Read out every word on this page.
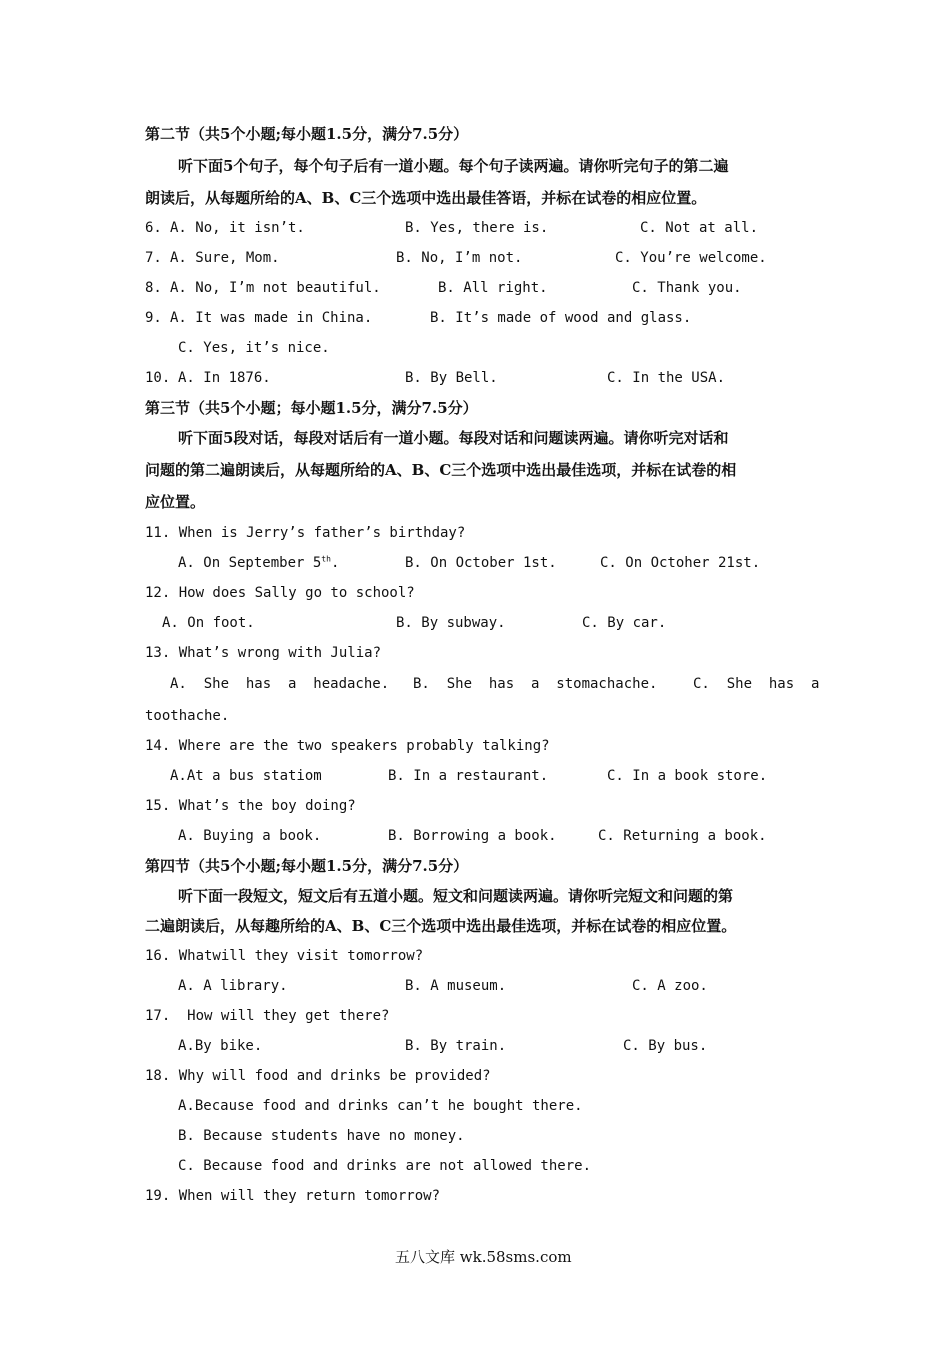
第二节（共5个小题;每小题1.5分，满分7.5分）
听下面5个句子，每个句子后有一道小题。每个句子读两遍。请你听完句子的第二遍
朗读后，从每题所给的A、B、C三个选项中选出最佳答语，并标在试卷的相应位置。
6. A. No, it isn’t.	B. Yes, there is.	C. Not at all.
7. A. Sure, Mom.	B. No, I’m not.	C. You’re welcome.
8. A. No, I’m not beautiful.	B. All right.	C. Thank you.
9. A. It was made in China.	B. It’s made of wood and glass.
C. Yes, it’s nice.
10. A. In 1876.	B. By Bell.	C. In the USA.
第三节（共5个小题；每小题1.5分，满分7.5分）
听下面5段对话，每段对话后有一道小题。每段对话和问题读两遍。请你听完对话和
问题的第二遍朗读后，从每题所给的A、B、C三个选项中选出最佳选项，并标在试卷的相
应位置。
11. When is Jerry’s father’s birthday?
A. On September 5th.	B. On October 1st.	C. On Octoher 21st.
12. How does Sally go to school?
A. On foot.	B. By subway.	C. By car.
13. What’s wrong with Julia?
A.  She  has  a  headache. B.  She  has  a  stomachache.	C.  She  has  a
toothache.
14. Where are the two speakers probably talking?
A.At a bus statiom	B. In a restaurant.	C. In a book store.
15. What’s the boy doing?
A. Buying a book.	B. Borrowing a book.	C. Returning a book.
第四节（共5个小题;每小题1.5分，满分7.5分）
听下面一段短文，短文后有五道小题。短文和问题读两遍。请你听完短文和问题的第
二遍朗读后，从每趣所给的A、B、C三个选项中选出最佳选项，并标在试卷的相应位置。
16. Whatwill they visit tomorrow?
A. A library.	B. A museum.	C. A zoo.
17.  How will they get there?
A.By bike.	B. By train.	C. By bus.
18. Why will food and drinks be provided?
A.Because food and drinks can’t he bought there.
B. Because students have no money.
C. Because food and drinks are not allowed there.
19. When will they return tomorrow?
五八文库 wk.58sms.com
